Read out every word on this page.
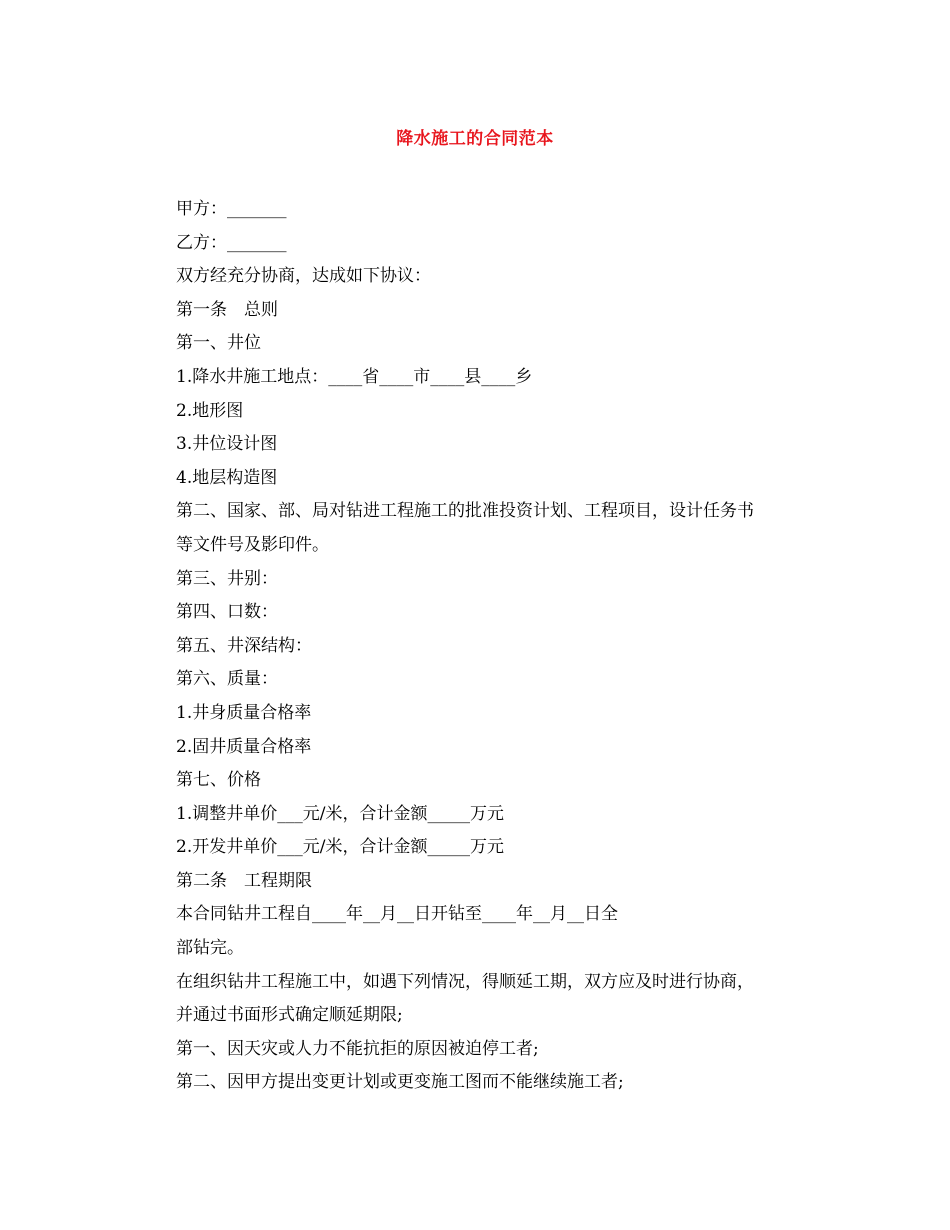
降水施工的合同范本
甲方：_______
乙方：_______
双方经充分协商，达成如下协议：
第一条　总则
第一、井位
1.降水井施工地点：____省____市____县____乡
2.地形图
3.井位设计图
4.地层构造图
第二、国家、部、局对钻进工程施工的批准投资计划、工程项目，设计任务书
等文件号及影印件。
第三、井别：
第四、口数：
第五、井深结构：
第六、质量：
1.井身质量合格率
2.固井质量合格率
第七、价格
1.调整井单价___元/米，合计金额_____万元
2.开发井单价___元/米，合计金额_____万元
第二条　工程期限
本合同钻井工程自____年__月__日开钻至____年__月__日全
部钻完。
在组织钻井工程施工中，如遇下列情况，得顺延工期，双方应及时进行协商，
并通过书面形式确定顺延期限;
第一、因天灾或人力不能抗拒的原因被迫停工者;
第二、因甲方提出变更计划或更变施工图而不能继续施工者;
